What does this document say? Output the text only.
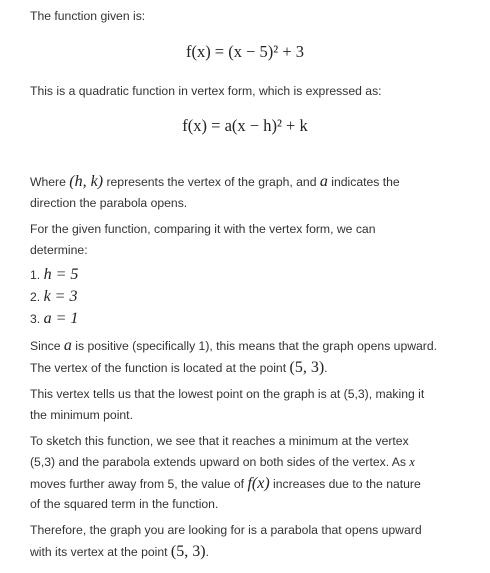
The function given is:

f(x) = (x − 5)² + 3

This is a quadratic function in vertex form, which is expressed as:

f(x) = a(x − h)² + k

Where (h, k) represents the vertex of the graph, and a indicates the

direction the parabola opens.

For the given function, comparing it with the vertex form, we can

determine:

1. h = 5

2. k = 3

3. a = 1

Since a is positive (specifically 1), this means that the graph opens upward.

The vertex of the function is located at the point (5, 3).

This vertex tells us that the lowest point on the graph is at (5,3), making it

the minimum point.

To sketch this function, we see that it reaches a minimum at the vertex

(5,3) and the parabola extends upward on both sides of the vertex. As x

moves further away from 5, the value of f(x) increases due to the nature

of the squared term in the function.

Therefore, the graph you are looking for is a parabola that opens upward

with its vertex at the point (5, 3).
